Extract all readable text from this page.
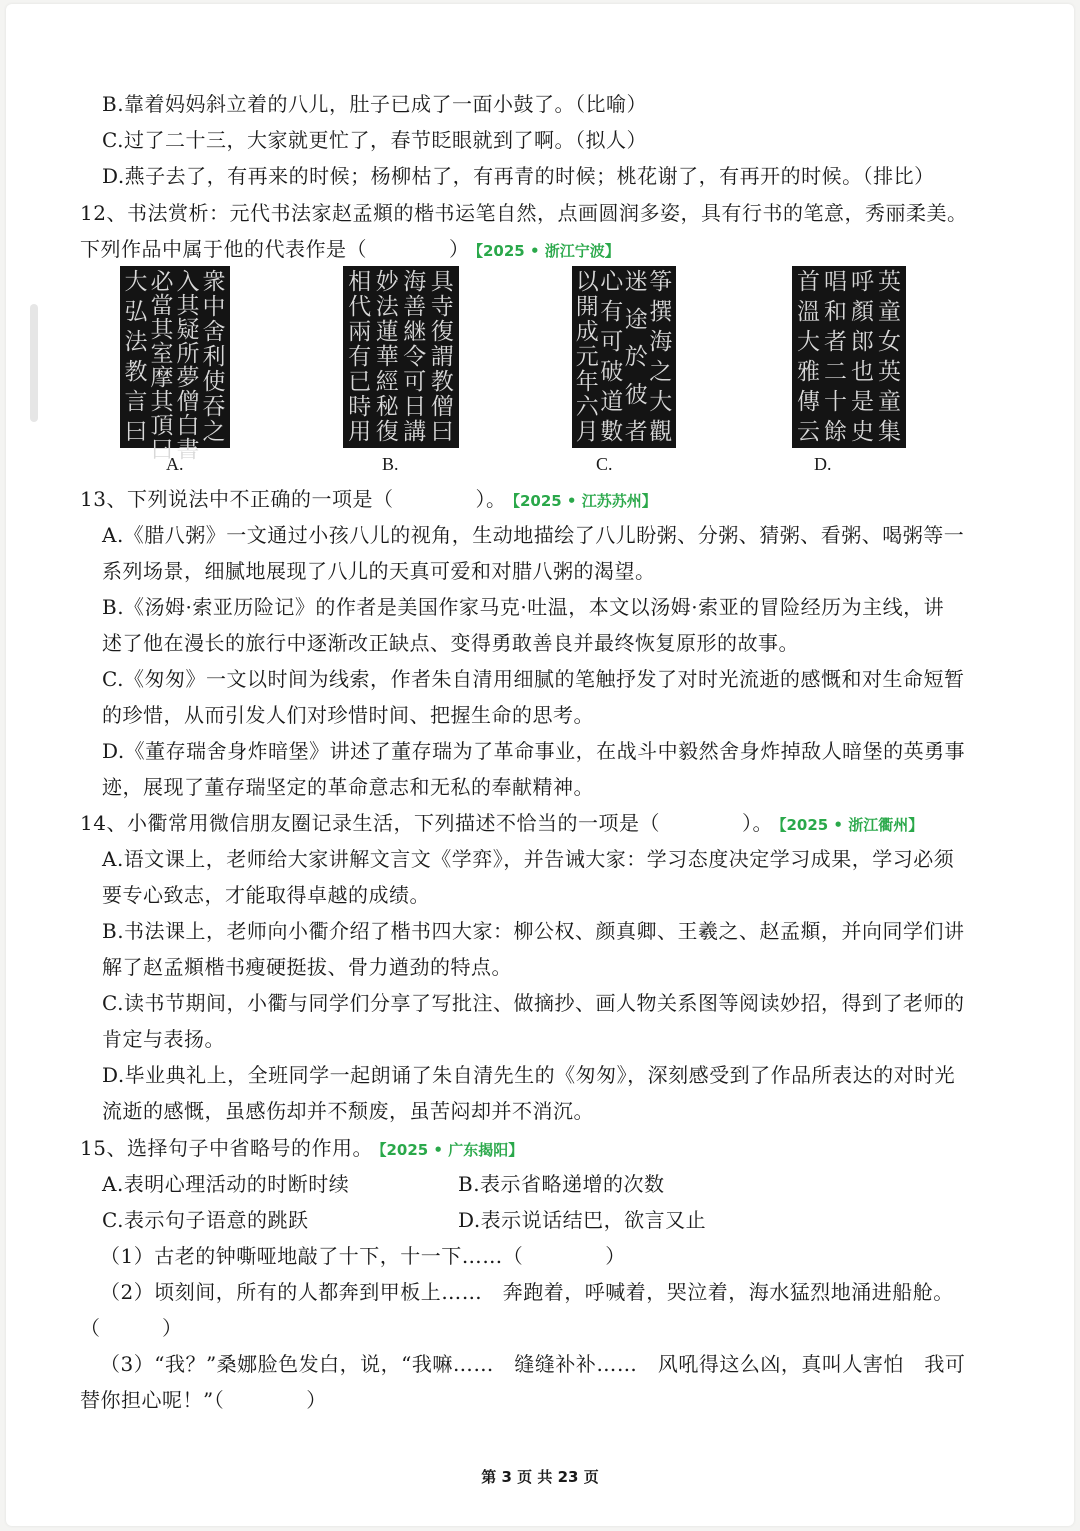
B.靠着妈妈斜立着的八儿，肚子已成了一面小鼓了。（比喻）
C.过了二十三，大家就更忙了，春节眨眼就到了啊。（拟人）
D.燕子去了，有再来的时候；杨柳枯了，有再青的时候；桃花谢了，有再开的时候。（排比）
12、书法赏析：元代书法家赵孟頫的楷书运笔自然，点画圆润多姿，具有行书的笔意，秀丽柔美。
下列作品中属于他的代表作是（　　　　） 【2025 • 浙江宁波】
衆
中
舍
利
使
吞
之
入
其
疑
所
夢
僧
白
書
必
當
其
室
摩
其
頂
曰
大
弘
法
教
言
曰
具
寺
復
謂
教
僧
曰
海
善
継
令
可
日
講
妙
法
蓮
華
經
秘
復
相
代
兩
有
已
時
用
筝
撰
海
之
大
觀
迷
途
於
彼
者
心
有
可
破
道
數
以
開
成
元
年
六
月
英
童
女
英
童
集
呼
顏
郎
也
是
史
唱
和
者
二
十
餘
首
溫
大
雅
傳
云
A.	B.	C.	D.
13、下列说法中不正确的一项是（　　　　）。 【2025 • 江苏苏州】
A.《腊八粥》一文通过小孩八儿的视角，生动地描绘了八儿盼粥、分粥、猜粥、看粥、喝粥等一
系列场景，细腻地展现了八儿的天真可爱和对腊八粥的渴望。
B.《汤姆·索亚历险记》的作者是美国作家马克·吐温，本文以汤姆·索亚的冒险经历为主线，讲
述了他在漫长的旅行中逐渐改正缺点、变得勇敢善良并最终恢复原形的故事。
C.《匆匆》一文以时间为线索，作者朱自清用细腻的笔触抒发了对时光流逝的感慨和对生命短暂
的珍惜，从而引发人们对珍惜时间、把握生命的思考。
D.《董存瑞舍身炸暗堡》讲述了董存瑞为了革命事业，在战斗中毅然舍身炸掉敌人暗堡的英勇事
迹，展现了董存瑞坚定的革命意志和无私的奉献精神。
14、小衢常用微信朋友圈记录生活，下列描述不恰当的一项是（　　　　）。 【2025 • 浙江衢州】
A.语文课上，老师给大家讲解文言文《学弈》，并告诫大家：学习态度决定学习成果，学习必须
要专心致志，才能取得卓越的成绩。
B.书法课上，老师向小衢介绍了楷书四大家：柳公权、颜真卿、王羲之、赵孟頫，并向同学们讲
解了赵孟頫楷书瘦硬挺拔、骨力遒劲的特点。
C.读书节期间，小衢与同学们分享了写批注、做摘抄、画人物关系图等阅读妙招，得到了老师的
肯定与表扬。
D.毕业典礼上，全班同学一起朗诵了朱自清先生的《匆匆》，深刻感受到了作品所表达的对时光
流逝的感慨，虽感伤却并不颓废，虽苦闷却并不消沉。
15、选择句子中省略号的作用。 【2025 • 广东揭阳】
A.表明心理活动的时断时续	B.表示省略递增的次数
C.表示句子语意的跳跃	D.表示说话结巴，欲言又止
（1）古老的钟嘶哑地敲了十下，十一下……（　　　　）
（2）顷刻间，所有的人都奔到甲板上……　奔跑着，呼喊着，哭泣着，海水猛烈地涌进船舱。
（　　　）
（3）“我？”桑娜脸色发白，说，“我嘛……　缝缝补补……　风吼得这么凶，真叫人害怕　我可
替你担心呢！”（　　　　）
第 3 页 共 23 页
